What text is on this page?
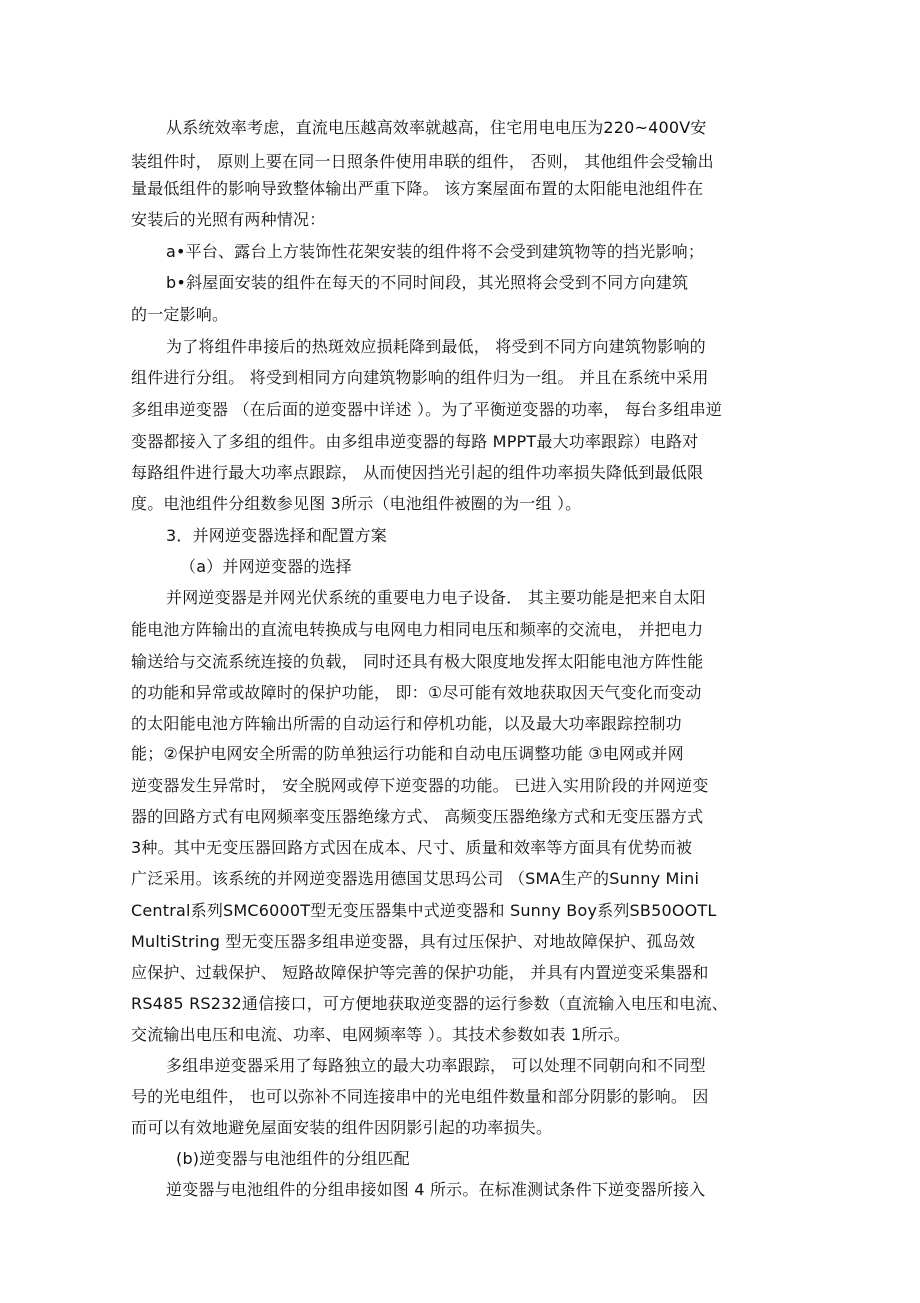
从系统效率考虑，直流电压越高效率就越高，住宅用电电压为220~400V安
装组件时， 原则上要在同一日照条件使用串联的组件， 否则， 其他组件会受输出
量最低组件的影响导致整体输出严重下降。 该方案屋面布置的太阳能电池组件在
安装后的光照有两种情况：
a•平台、露台上方装饰性花架安装的组件将不会受到建筑物等的挡光影响；
b•斜屋面安装的组件在每天的不同时间段，其光照将会受到不同方向建筑
的一定影响。
为了将组件串接后的热斑效应损耗降到最低， 将受到不同方向建筑物影响的
组件进行分组。 将受到相同方向建筑物影响的组件归为一组。 并且在系统中采用
多组串逆变器 （在后面的逆变器中详述 ）。为了平衡逆变器的功率， 每台多组串逆
变器都接入了多组的组件。由多组串逆变器的每路 MPPT最大功率跟踪）电路对
每路组件进行最大功率点跟踪， 从而使因挡光引起的组件功率损失降低到最低限
度。电池组件分组数参见图 3所示（电池组件被圈的为一组 ）。
3．并网逆变器选择和配置方案
（a）并网逆变器的选择
并网逆变器是并网光伏系统的重要电力电子设备． 其主要功能是把来自太阳
能电池方阵输出的直流电转换成与电网电力相同电压和频率的交流电， 并把电力
输送给与交流系统连接的负载， 同时还具有极大限度地发挥太阳能电池方阵性能
的功能和异常或故障时的保护功能， 即：①尽可能有效地获取因天气变化而变动
的太阳能电池方阵输出所需的自动运行和停机功能，以及最大功率跟踪控制功
能；②保护电网安全所需的防单独运行功能和自动电压调整功能 ③电网或并网
逆变器发生异常时， 安全脱网或停下逆变器的功能。 已进入实用阶段的并网逆变
器的回路方式有电网频率变压器绝缘方式、 高频变压器绝缘方式和无变压器方式
3种。其中无变压器回路方式因在成本、尺寸、质量和效率等方面具有优势而被
广泛采用。该系统的并网逆变器选用德国艾思玛公司 （SMA生产的Sunny Mini
Central系列SMC6000T型无变压器集中式逆变器和 Sunny Boy系列SB50OOTL
MultiString 型无变压器多组串逆变器，具有过压保护、对地故障保护、孤岛效
应保护、过载保护、 短路故障保护等完善的保护功能， 并具有内置逆变采集器和
RS485 RS232通信接口，可方便地获取逆变器的运行参数（直流输入电压和电流、
交流输出电压和电流、功率、电网频率等 ）。其技术参数如表 1所示。
多组串逆变器采用了每路独立的最大功率跟踪， 可以处理不同朝向和不同型
号的光电组件， 也可以弥补不同连接串中的光电组件数量和部分阴影的影响。 因
而可以有效地避免屋面安装的组件因阴影引起的功率损失。
(b)逆变器与电池组件的分组匹配
逆变器与电池组件的分组串接如图 4 所示。在标准测试条件下逆变器所接入
